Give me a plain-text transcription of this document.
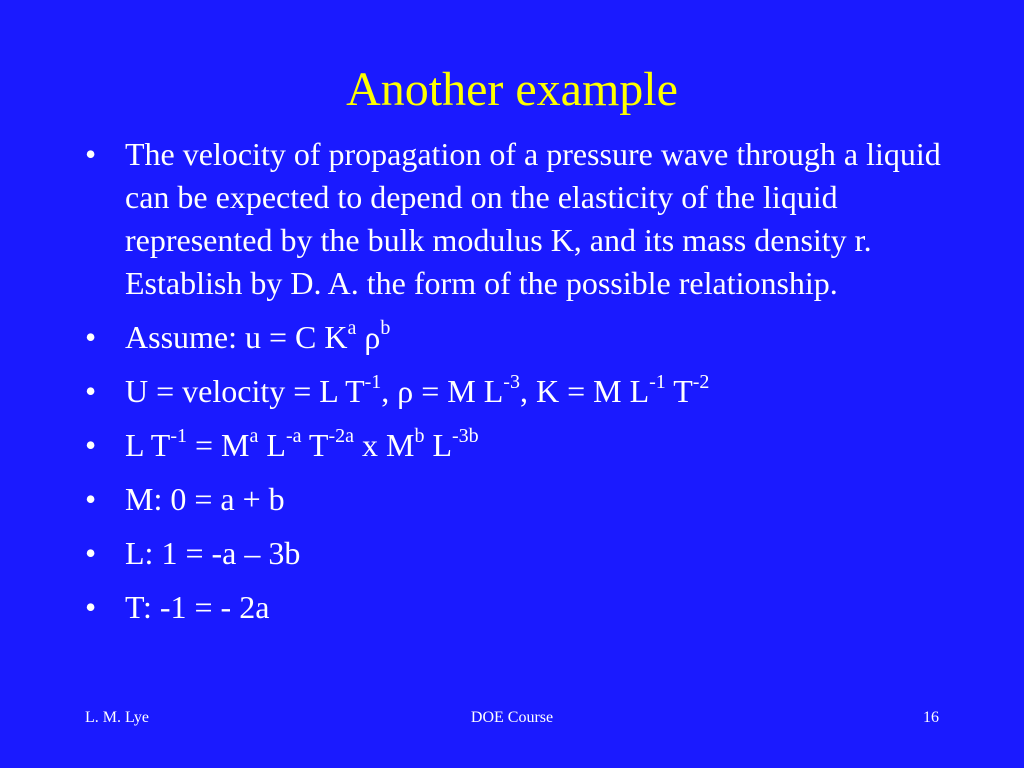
Another example
• The velocity of propagation of a pressure wave through a liquid can be expected to depend on the elasticity of the liquid represented by the bulk modulus K, and its mass density r. Establish by D. A. the form of the possible relationship.
• Assume: u = C $K^a$ $\rho^b$
• U = velocity = L $T^{-1}$, ρ = M $L^{-3}$, K = M $L^{-1}$ $T^{-2}$
• L $T^{-1} = M^a$ $L^{-a}$ $T^{-2a}$ x $M^b$ $L^{-3b}$
• M: 0 = a + b
• L: 1 = -a – 3b
• T: -1 = - 2a
L. M. Lye	DOE Course	16
